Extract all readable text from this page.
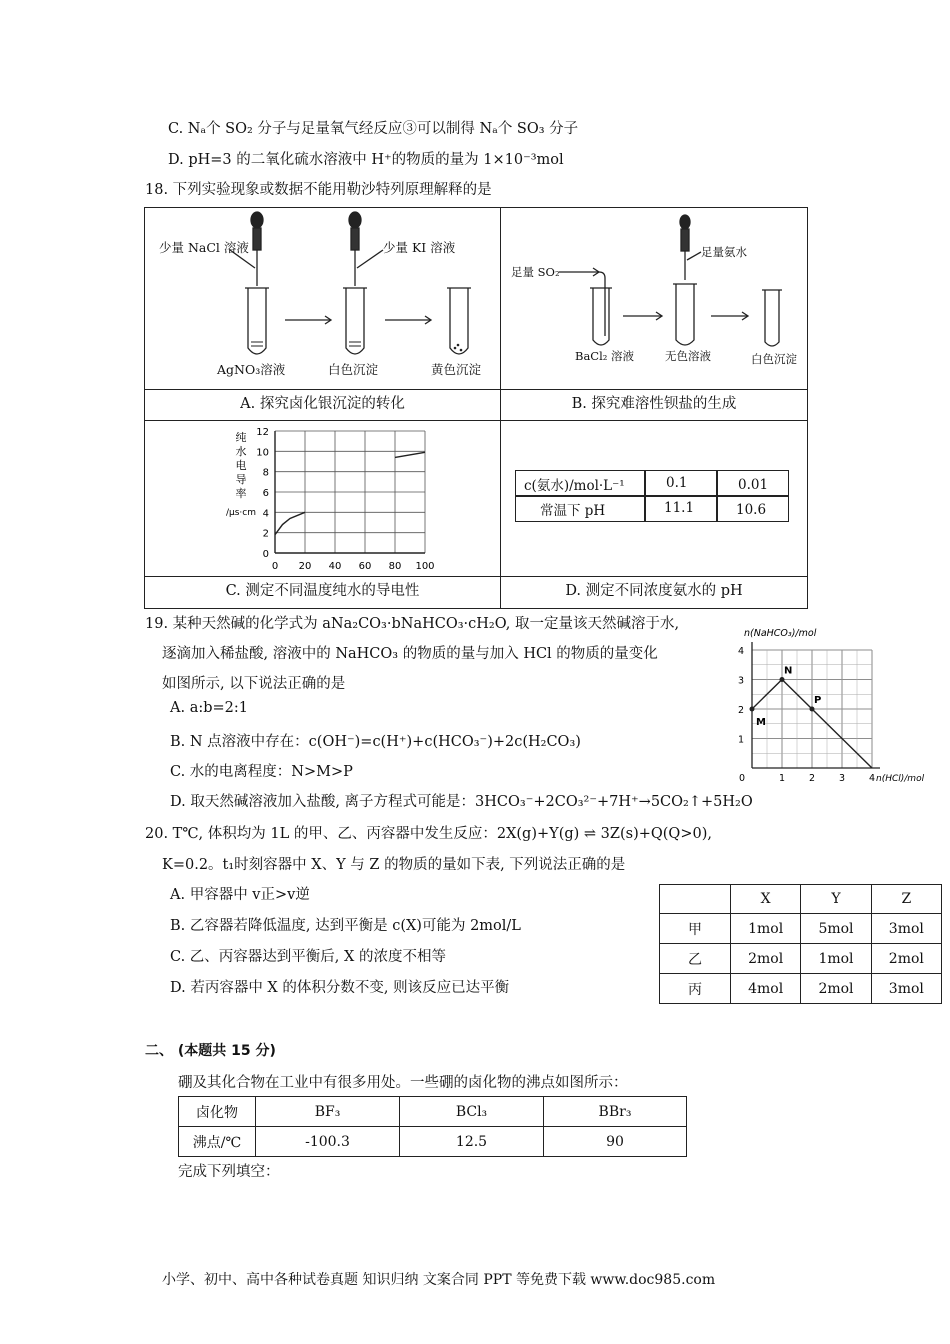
C. Nₐ个 SO₂ 分子与足量氧气经反应③可以制得 Nₐ个 SO₃ 分子
D. pH=3 的二氧化硫水溶液中 H⁺的物质的量为 1×10⁻³mol
18. 下列实验现象或数据不能用勒沙特列原理解释的是
少量 NaCl 溶液	少量 KI 溶液
AgNO₃溶液	白色沉淀	黄色沉淀
A. 探究卤化银沉淀的转化
足量 SO₂
足量氨水
BaCl₂ 溶液	无色溶液	白色沉淀
B. 探究难溶性钡盐的生成
0
2
4
6
8
10
12
0 20 40 60 80 100
纯
水
电
导
率
/μs·cm
C. 测定不同温度纯水的导电性
c(氨水)/mol·L⁻¹	0.1	0.01
常温下 pH	11.1	10.6
D. 测定不同浓度氨水的 pH
19. 某种天然碱的化学式为 aNa₂CO₃·bNaHCO₃·cH₂O, 取一定量该天然碱溶于水,
逐滴加入稀盐酸, 溶液中的 NaHCO₃ 的物质的量与加入 HCl 的物质的量变化
如图所示, 以下说法正确的是
A. a:b=2:1
B. N 点溶液中存在：c(OH⁻)=c(H⁺)+c(HCO₃⁻)+2c(H₂CO₃)
C. 水的电离程度：N>M>P
D. 取天然碱溶液加入盐酸, 离子方程式可能是：3HCO₃⁻+2CO₃²⁻+7H⁺→5CO₂↑+5H₂O
1
2
3
4
0	1	2	3	4
M
N
P
n(NaHCO₃)/mol
n(HCl)/mol
20. T℃, 体积均为 1L 的甲、乙、丙容器中发生反应：2X(g)+Y(g) ⇌ 3Z(s)+Q(Q>0),
K=0.2。t₁时刻容器中 X、Y 与 Z 的物质的量如下表, 下列说法正确的是
A. 甲容器中 v正>v逆
B. 乙容器若降低温度, 达到平衡是 c(X)可能为 2mol/L
C. 乙、丙容器达到平衡后, X 的浓度不相等
D. 若丙容器中 X 的体积分数不变, 则该反应已达平衡
	X	Y	Z
甲	1mol	5mol	3mol
乙	2mol	1mol	2mol
丙	4mol	2mol	3mol
二、 (本题共 15 分)
硼及其化合物在工业中有很多用处。一些硼的卤化物的沸点如图所示：
卤化物	BF₃	BCl₃	BBr₃
沸点/℃	-100.3	12.5	90
完成下列填空：
小学、初中、高中各种试卷真题 知识归纳 文案合同 PPT 等免费下载 www.doc985.com
